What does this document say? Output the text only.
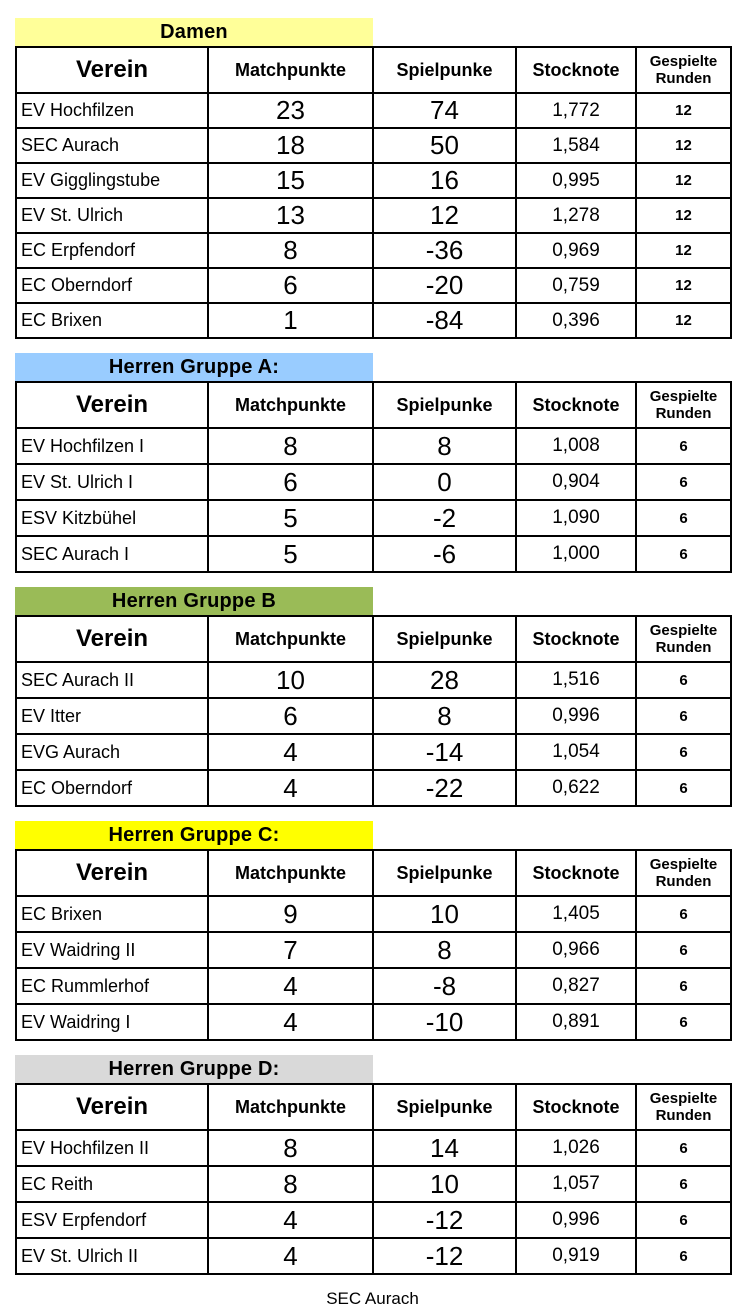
Damen
Verein	Matchpunkte	Spielpunke	Stocknote	Gespielte Runden
EV Hochfilzen	23	74	1,772	12
SEC Aurach	18	50	1,584	12
EV Gigglingstube	15	16	0,995	12
EV St. Ulrich	13	12	1,278	12
EC Erpfendorf	8	-36	0,969	12
EC Oberndorf	6	-20	0,759	12
EC Brixen	1	-84	0,396	12
Herren Gruppe A:
Verein	Matchpunkte	Spielpunke	Stocknote	Gespielte Runden
EV Hochfilzen I	8	8	1,008	6
EV St. Ulrich I	6	0	0,904	6
ESV Kitzbühel	5	-2	1,090	6
SEC Aurach I	5	-6	1,000	6
Herren Gruppe B
Verein	Matchpunkte	Spielpunke	Stocknote	Gespielte Runden
SEC Aurach II	10	28	1,516	6
EV Itter	6	8	0,996	6
EVG Aurach	4	-14	1,054	6
EC Oberndorf	4	-22	0,622	6
Herren Gruppe C:
Verein	Matchpunkte	Spielpunke	Stocknote	Gespielte Runden
EC Brixen	9	10	1,405	6
EV Waidring II	7	8	0,966	6
EC Rummlerhof	4	-8	0,827	6
EV Waidring I	4	-10	0,891	6
Herren Gruppe D:
Verein	Matchpunkte	Spielpunke	Stocknote	Gespielte Runden
EV Hochfilzen II	8	14	1,026	6
EC Reith	8	10	1,057	6
ESV Erpfendorf	4	-12	0,996	6
EV St. Ulrich II	4	-12	0,919	6
SEC Aurach
